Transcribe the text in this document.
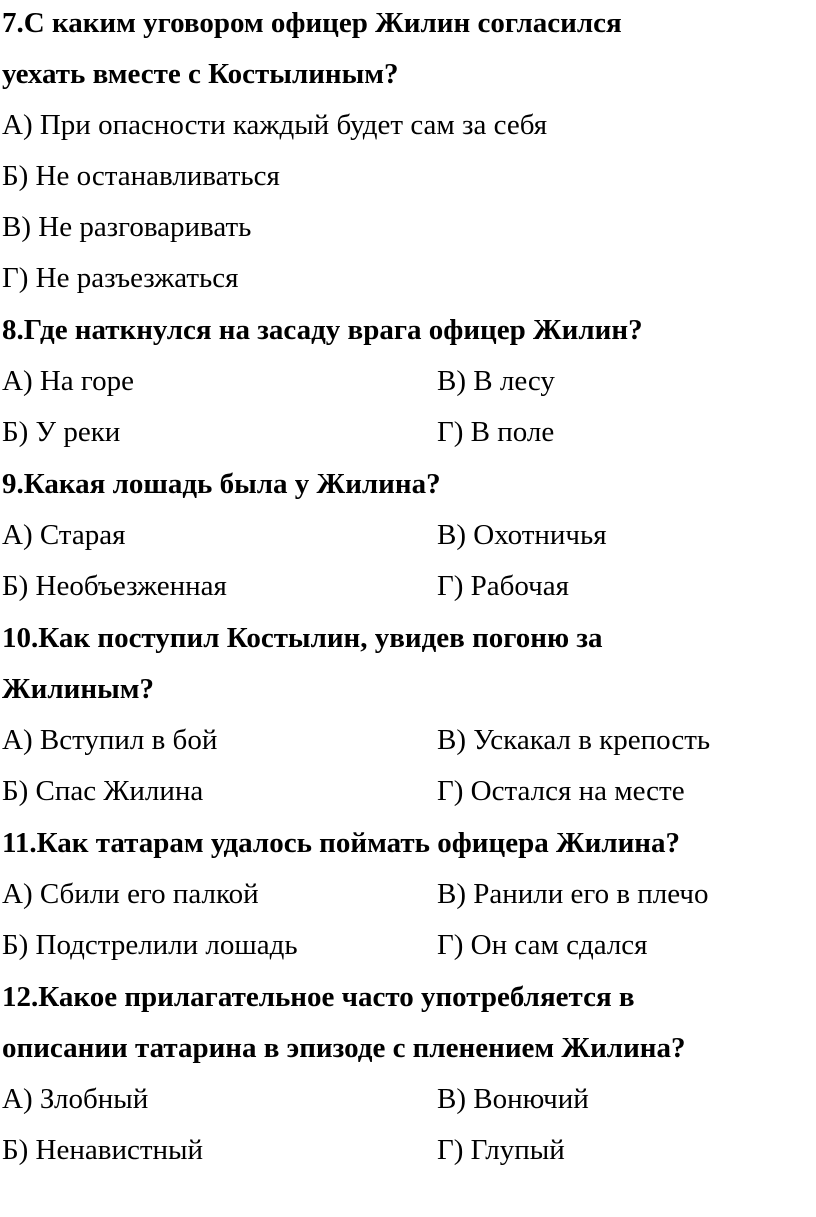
7.С каким уговором офицер Жилин согласился
уехать вместе с Костылиным?
А) При опасности каждый будет сам за себя
Б) Не останавливаться
В) Не разговаривать
Г) Не разъезжаться
8.Где наткнулся на засаду врага офицер Жилин?
А) На горе	В) В лесу
Б) У реки	Г) В поле
9.Какая лошадь была у Жилина?
А) Старая	В) Охотничья
Б) Необъезженная	Г) Рабочая
10.Как поступил Костылин, увидев погоню за
Жилиным?
А) Вступил в бой	В) Ускакал в крепость
Б) Спас Жилина	Г) Остался на месте
11.Как татарам удалось поймать офицера Жилина?
А) Сбили его палкой	В) Ранили его в плечо
Б) Подстрелили лошадь	Г) Он сам сдался
12.Какое прилагательное часто употребляется в
описании татарина в эпизоде с пленением Жилина?
А) Злобный	В) Вонючий
Б) Ненавистный	Г) Глупый
